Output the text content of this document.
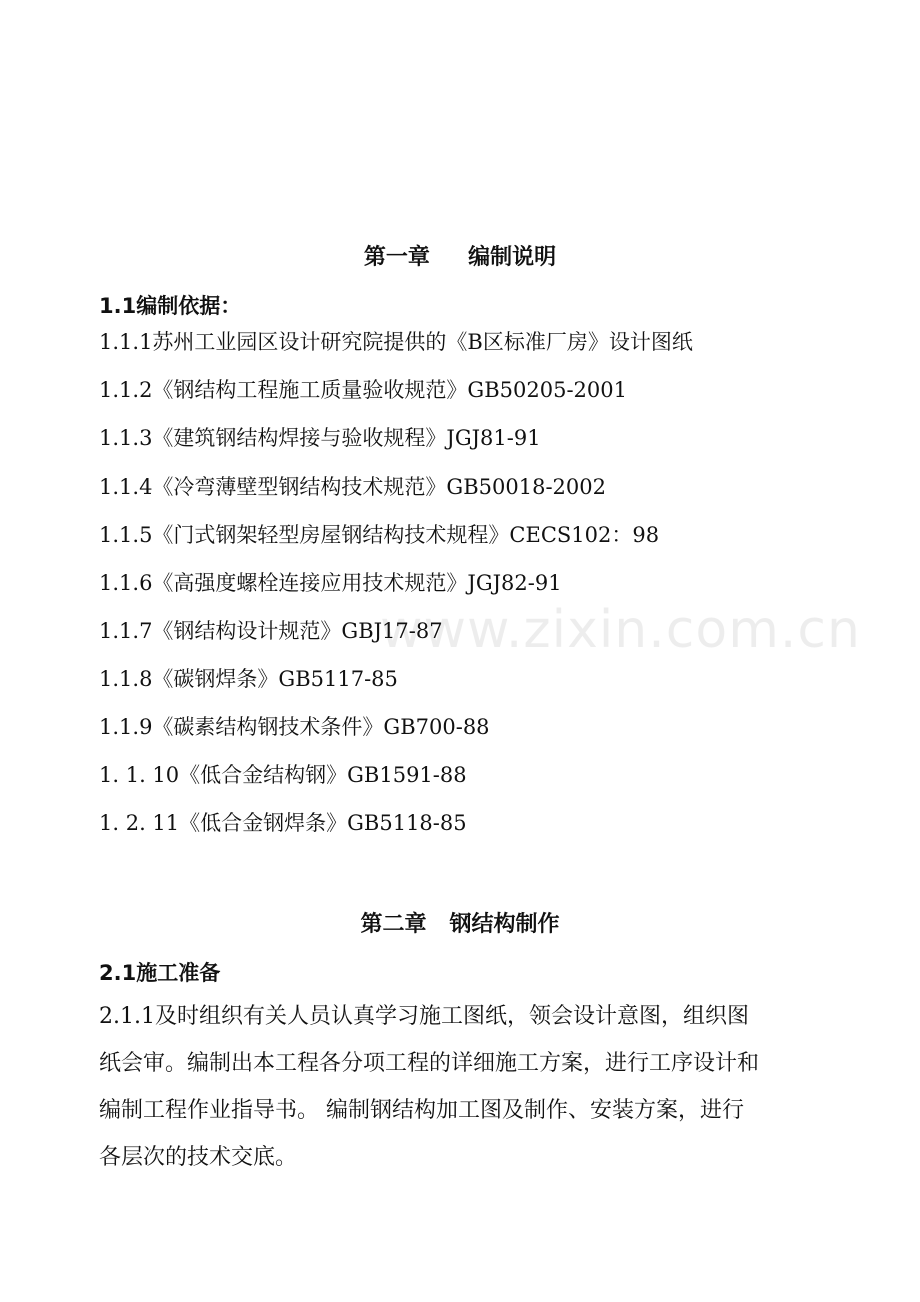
www.zixin.com.cn
第一章     编制说明
1.1编制依据：
1.1.1苏州工业园区设计研究院提供的《B区标准厂房》设计图纸
1.1.2《钢结构工程施工质量验收规范》GB50205-2001
1.1.3《建筑钢结构焊接与验收规程》JGJ81-91
1.1.4《冷弯薄壁型钢结构技术规范》GB50018-2002
1.1.5《门式钢架轻型房屋钢结构技术规程》CECS102：98
1.1.6《高强度螺栓连接应用技术规范》JGJ82-91
1.1.7《钢结构设计规范》GBJ17-87
1.1.8《碳钢焊条》GB5117-85
1.1.9《碳素结构钢技术条件》GB700-88
1. 1. 10《低合金结构钢》GB1591-88
1. 2. 11《低合金钢焊条》GB5118-85
第二章   钢结构制作
2.1施工准备
2.1.1及时组织有关人员认真学习施工图纸，领会设计意图，组织图
纸会审。编制出本工程各分项工程的详细施工方案，进行工序设计和
编制工程作业指导书。 编制钢结构加工图及制作、安装方案，进行
各层次的技术交底。
